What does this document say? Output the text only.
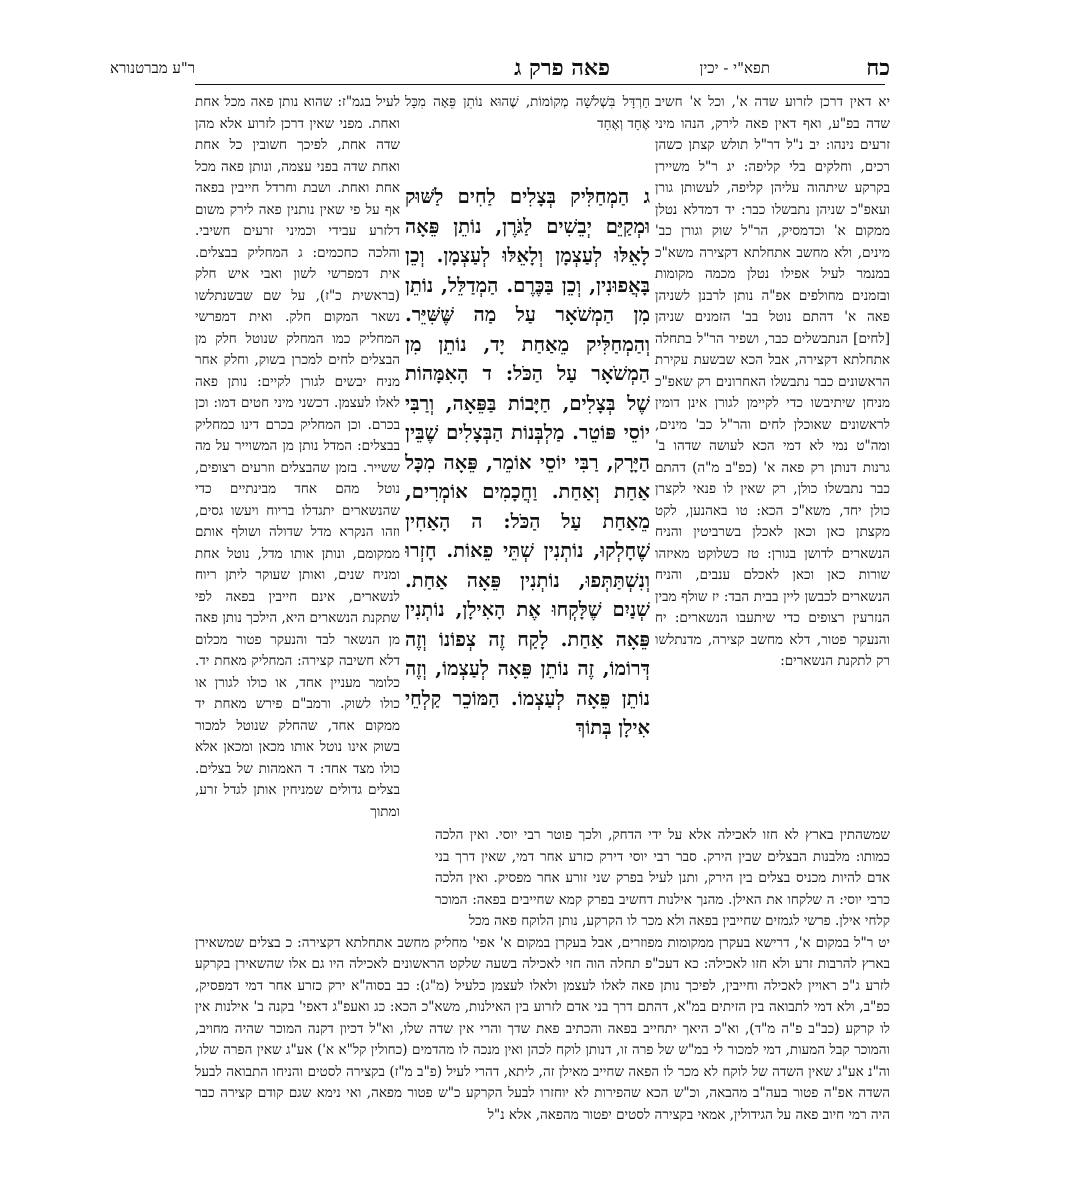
כח
תפא"י - יכין
פאה פרק ג
ר"ע מברטנורא

יא דאין דרכן לזרוע שדה א', וכל א' חשיב שדה בפ"ע, ואף דאין פאה לירק, הנהו מיני זרעים נינהו: יב נ"ל דר"ל תולש קצתן כשהן רכים, וחלקים בלי קליפה: יג ר"ל משיירן בקרקע שיתהוה עליהן קליפה, לעשותן גורן ועאפ"כ שניהן נתבשלו כבר: יד דמדלא נטלן ממקום א' וכדמסיק, הר"ל שוק וגורן כב' מינים, ולא מחשב אתחלתא דקצירה משא"כ במנמר לעיל אפילו נטלן מכמה מקומות ובזמנים מחולפים אפ"ה נותן לרבנן לשניהן פאה א' דהתם נוטל בב' הזמנים שניהן [לחים] הנתבשלים כבר, ושפיר הר"ל בתחלה אתחלתא דקצירה, אבל הכא שבשעת עקירת הראשונים כבר נתבשלו האחרונים רק שאפ"כ מניחן שיתיבשו כדי לקיימן לגורן אינן דומין לראשונים שאוכלן לחים והר"ל כב' מינים, ומה"ט נמי לא דמי הכא לעושה שדהו ב' גרנות דנותן רק פאה א' (כפ"ב מ"ה) דהתם כבר נתבשלו כולן, רק שאין לו פנאי לקצרן כולן יחד, משא"כ הכא: טו באהנען, לקט מקצתן כאן וכאן לאכלן בשרביטין והניח הנשארים לדושן בגורן: טז כשלוקט מאיזהו שורות כאן וכאן לאכלם ענבים, והניח הנשארים לכבשן ליין בבית הבד: יז שולף מבין הנזרעין רצופים כדי שיתעבו הנשארים: יח והנעקר פטור, דלא מחשב קצירה, מדנתלשו רק לתקנת הנשארים:

חַרְדָּל בִּשְׁלֹשָׁה מְקוֹמוֹת, שֶׁהוּא נוֹתֵן פֵּאָה מִכָּל אֶחָד וְאֶחָד

ג הַמְחַלִּיק בְּצָלִים לַחִים לַשּׁוּק וּמְקַיֵּם יְבֵשִׁים לַגֹּרֶן, נוֹתֵן פֵּאָה לָאֵלּוּ לְעַצְמָן וְלָאֵלּוּ לְעַצְמָן. וְכֵן בָּאֲפוּנִין, וְכֵן בַּכֶּרֶם. הַמְדַלֵּל, נוֹתֵן מִן הַמְשֹׁאָר עַל מַה שֶּׁשִּׁיֵּר. וְהַמְחַלִּיק מֵאַחַת יָד, נוֹתֵן מִן הַמְשֹׁאָר עַל הַכֹּל: ד הָאִמָּהוֹת שֶׁל בְּצָלִים, חַיָּבוֹת בַּפֵּאָה, וְרַבִּי יוֹסֵי פּוֹטֵר. מַלְבְּנוֹת הַבְּצָלִים שֶׁבֵּין הַיָּרָק, רַבִּי יוֹסֵי אוֹמֵר, פֵּאָה מִכָּל אַחַת וְאַחַת. וַחֲכָמִים אוֹמְרִים, מֵאַחַת עַל הַכֹּל: ה הָאַחִין שֶׁחָלְקוּ, נוֹתְנִין שְׁתֵּי פֵאוֹת. חָזְרוּ וְנִשְׁתַּתְּפוּ, נוֹתְנִין פֵּאָה אַחַת. שְׁנַיִם שֶׁלָּקְחוּ אֶת הָאִילָן, נוֹתְנִין פֵּאָה אַחַת. לָקַח זֶה צְפוֹנוֹ וְזֶה דְּרוֹמוֹ, זֶה נוֹתֵן פֵּאָה לְעַצְמוֹ, וְזֶה נוֹתֵן פֵּאָה לְעַצְמוֹ. הַמּוֹכֵר קַלְחֵי אִילָן בְּתוֹךְ

לעיל בגמ"ז: שהוא נותן פאה מכל אחת ואחת. מפני שאין דרכן לזרוע אלא מהן שדה אחת, לפיכך חשובין כל אחת ואחת שדה בפני עצמה, ונותן פאה מכל אחת ואחת. ושבת וחרדל חייבין בפאה אף על פי שאין נותנין פאה לירק משום דלזרע עבידי וכמיני זרעים חשיבי. והלכה כחכמים: ג המחליק בבצלים. אית דמפרשי לשון ואבי איש חלק (בראשית כ"ז), על שם שבשנתלשו נשאר המקום חלק. ואית דמפרשי המחליק כמו המחלק שנוטל חלק מן הבצלים לחים למכרן בשוק, וחלק אחר מניח יבשים לגורן לקיים: נותן פאה לאלו לעצמן. דכשני מיני חטים דמו: וכן בכרם. וכן המחליק בכרם דינו כמחליק בבצלים: המדל נותן מן המשוייר על מה ששייר. בזמן שהבצלים וזרעים רצופים, נוטל מהם אחד מבינתיים כדי שהנשארים יתגדלו בריוח ויעשו גסים, וזהו הנקרא מדל שדולה ושולף אותם ממקומם, ונותן אותו מדל, נוטל אחת ומניח שנים, ואותן שעוקר ליתן ריוח לנשארים, אינם חייבין בפאה לפי שתקנת הנשארים היא, הילכך נותן פאה מן הנשאר לבד והנעקר פטור מכלום דלא חשיבה קצירה: המחליק מאחת יד. כלומר מעניין אחד, או כולו לגורן או כולו לשוק. ורמב"ם פירש מאחת יד ממקום אחד, שהחלק שנוטל למכור בשוק אינו נוטל אותו מכאן ומכאן אלא כולו מצד אחד: ד האמהות של בצלים. בצלים גדולים שמניחין אותן לגדל זרע, ומתוך

שמשהתין בארץ לא חזו לאכילה אלא על ידי הדחק, ולכך פוטר רבי יוסי. ואין הלכה כמותו: מלבנות הבצלים שבין הירק. סבר רבי יוסי דירק כזרע אחר דמי, שאין דרך בני אדם להיות מכניס בצלים בין הירק, ותנן לעיל בפרק שני זורע אחר מפסיק. ואין הלכה כרבי יוסי: ה שלקחו את האילן. מהנך אילנות דחשיב בפרק קמא שחייבים בפאה: המוכר קלחי אילן. פרשי לגמזים שחייבין בפאה ולא מכר לו הקרקע, נותן הלוקח פאה מכל

יט ר"ל במקום א', דרישא בעקרן ממקומות מפוזרים, אבל בעקרן במקום א' אפי' מחליק מחשב אתחלתא דקצירה: כ בצלים שמשאירן בארץ להרבות זרע ולא חזו לאכילה: כא דעכ"פ תחלה הוה חזי לאכילה בשעה שלקט הראשונים לאכילה היו גם אלו שהשאירן בקרקע לזרע ג"כ ראויין לאכילה וחייבין, לפיכך נותן פאה לאלו לעצמן ולאלו לעצמן כלעיל (מ"ג): כב בסוה"א ירק כזרע אחר דמי דמפסיק, כפ"ב, ולא דמי לתבואה בין הזיתים במ"א, דהתם דרך בני אדם לזרוע בין האילנות, משא"כ הכא: כג ואעפ"ג דאפי' בקנה ב' אילנות אין לו קרקע (כב"ב פ"ה מ"ד), וא"כ היאך יתחייב בפאה והכתיב פאת שדך והרי אין שדה שלו, וא"ל דכיון דקנה המוכר שהיה מחויב, והמוכר קבל המעות, דמי למכור לי במ"ש של פרה זו, דנותן לוקח לכהן ואין מנכה לו מהדמים (כחולין קל"א א') אע"ג שאין הפרה שלו, וה"נ אע"ג שאין השדה של לוקח לא מכר לו הפאה שחייב מאילן זה, ליתא, דהרי לעיל (פ"ב מ"ז) בקצירה לסטים והניחו התבואה לבעל השדה אפ"ה פטור בעה"ב מהבאה, וכ"ש הכא שהפירות לא יוחזרו לבעל הקרקע כ"ש פטור מפאה, ואי נימא שגם קודם קצירה כבר היה רמי חיוב פאה על הגידולין, אמאי בקצירה לסטים יפטור מהפאה, אלא נ"ל
